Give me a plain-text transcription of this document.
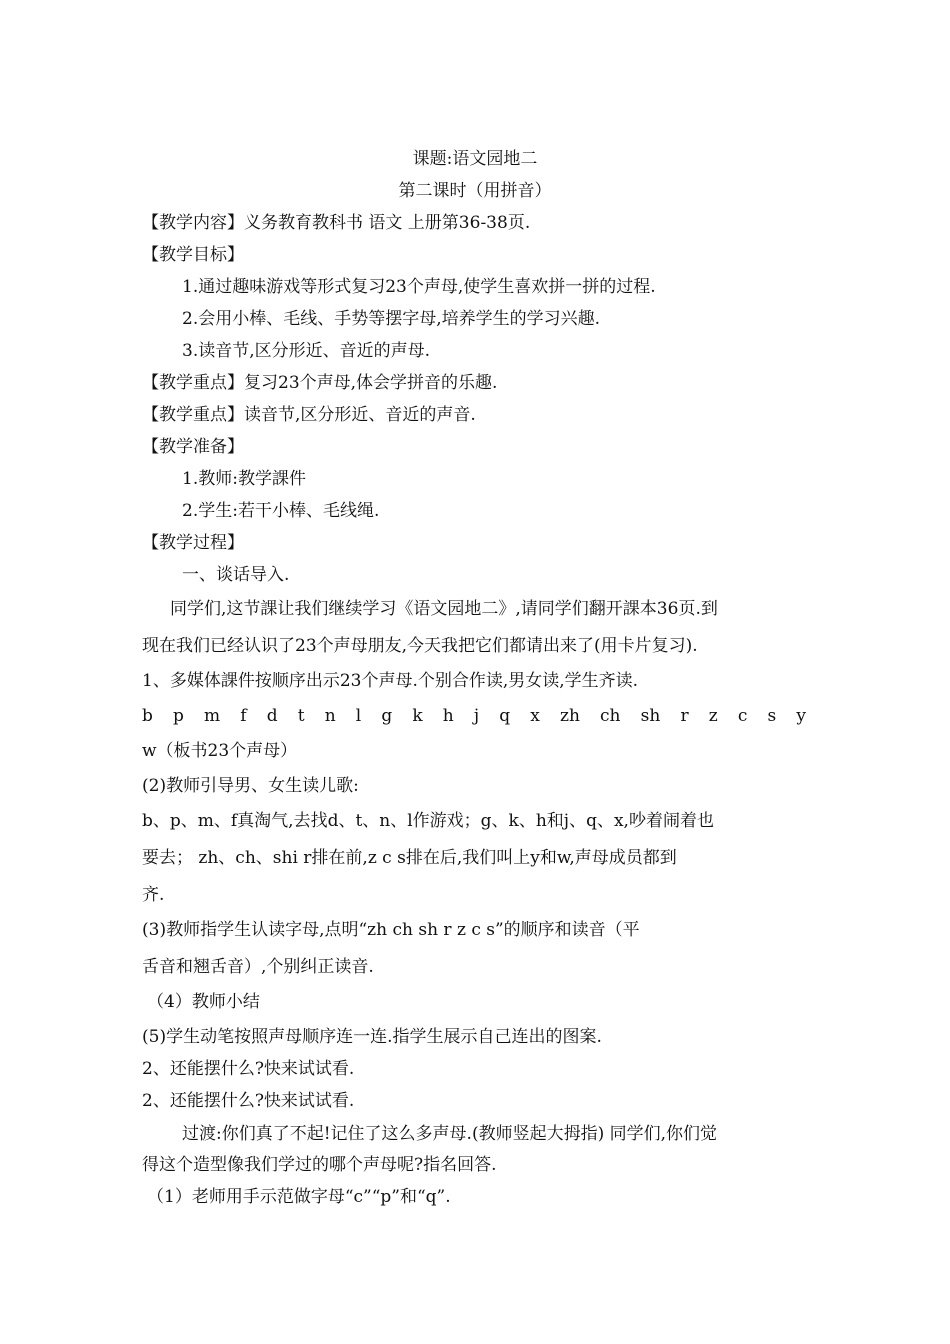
课题:语文园地二
第二课时（用拼音）
【教学内容】义务教育教科书 语文 上册第36-38页.
【教学目标】
1.通过趣味游戏等形式复习23个声母,使学生喜欢拼一拼的过程.
2.会用小棒、毛线、手势等摆字母,培养学生的学习兴趣.
3.读音节,区分形近、音近的声母.
【教学重点】复习23个声母,体会学拼音的乐趣.
【教学重点】读音节,区分形近、音近的声音.
【教学准备】
1.教师:教学課件
2.学生:若干小棒、毛线绳.
【教学过程】
一、谈话导入.
同学们,这节課让我们继续学习《语文园地二》,请同学们翻开課本36页.到
现在我们已经认识了23个声母朋友,今天我把它们都请出来了(用卡片复习).
1、多媒体課件按顺序出示23个声母.个别合作读,男女读,学生齐读.
b p m f d t n l g k h j q x zh ch sh r z c s y
w（板书23个声母）
(2)教师引导男、女生读儿歌:
b、p、m、f真淘气,去找d、t、n、l作游戏；g、k、h和j、q、x,吵着闹着也
要去； zh、ch、shi r排在前,z c s排在后,我们叫上y和w,声母成员都到
齐.
(3)教师指学生认读字母,点明“zh ch sh r z c s”的顺序和读音（平
舌音和翘舌音）,个别纠正读音.
（4）教师小结
(5)学生动笔按照声母顺序连一连.指学生展示自己连出的图案.
2、还能摆什么?快来试试看.
2、还能摆什么?快来试试看.
过渡:你们真了不起!记住了这么多声母.(教师竖起大拇指) 同学们,你们觉
得这个造型像我们学过的哪个声母呢?指名回答.
（1）老师用手示范做字母“c”“p”和“q”.
